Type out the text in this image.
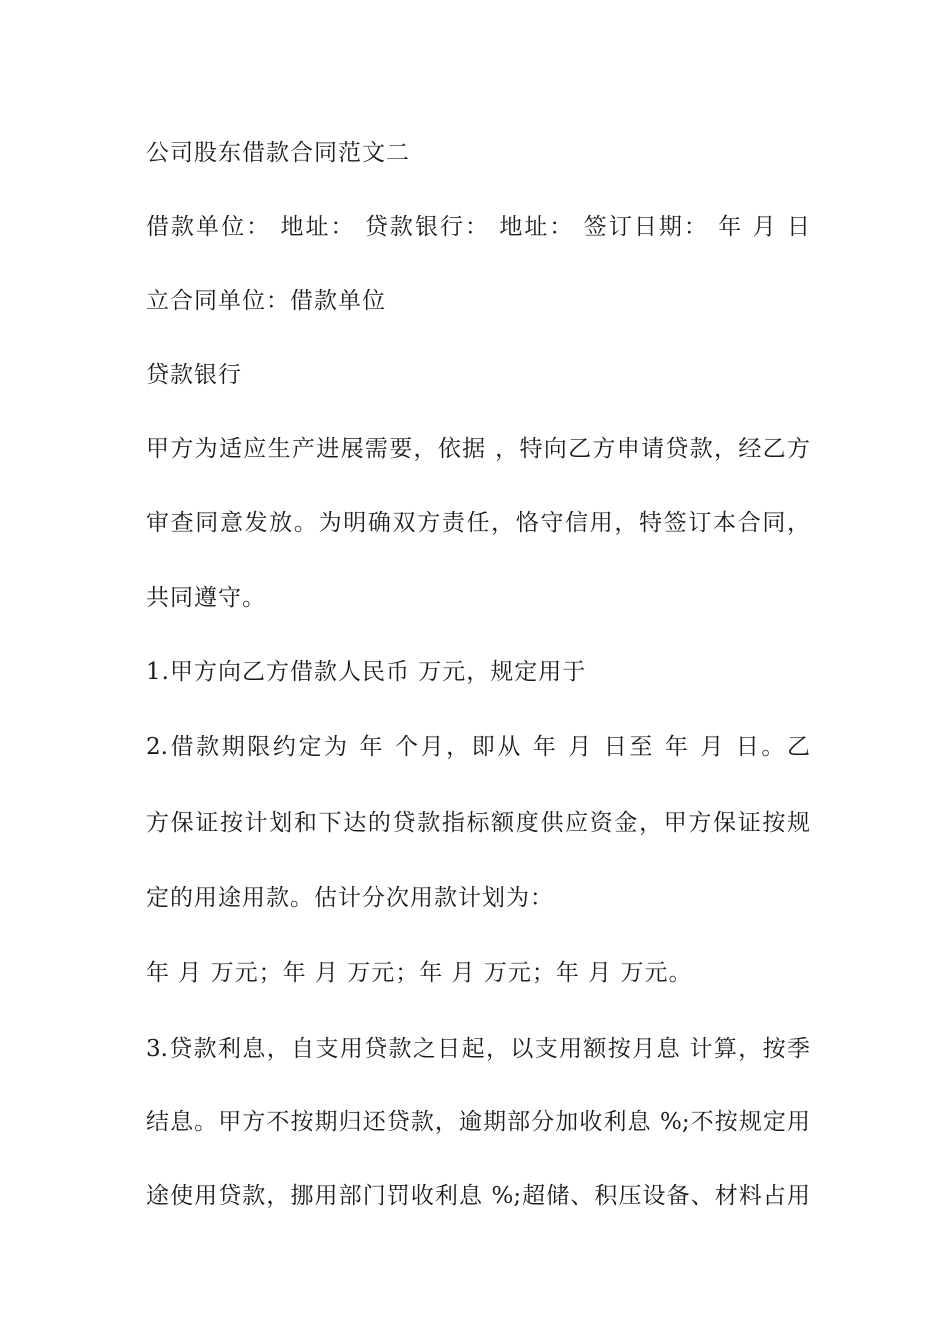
公司股东借款合同范文二
借款单位： 地址： 贷款银行： 地址： 签订日期： 年 月 日
立合同单位：借款单位
贷款银行
甲方为适应生产进展需要，依据 ，特向乙方申请贷款，经乙方
审查同意发放。为明确双方责任，恪守信用，特签订本合同，
共同遵守。
1.甲方向乙方借款人民币 万元，规定用于
2.借款期限约定为 年 个月，即从 年 月 日至 年 月 日。乙
方保证按计划和下达的贷款指标额度供应资金，甲方保证按规
定的用途用款。估计分次用款计划为：
年 月 万元；年 月 万元；年 月 万元；年 月 万元。
3.贷款利息，自支用贷款之日起，以支用额按月息 计算，按季
结息。甲方不按期归还贷款，逾期部分加收利息 %;不按规定用
途使用贷款，挪用部门罚收利息 %;超储、积压设备、材料占用
